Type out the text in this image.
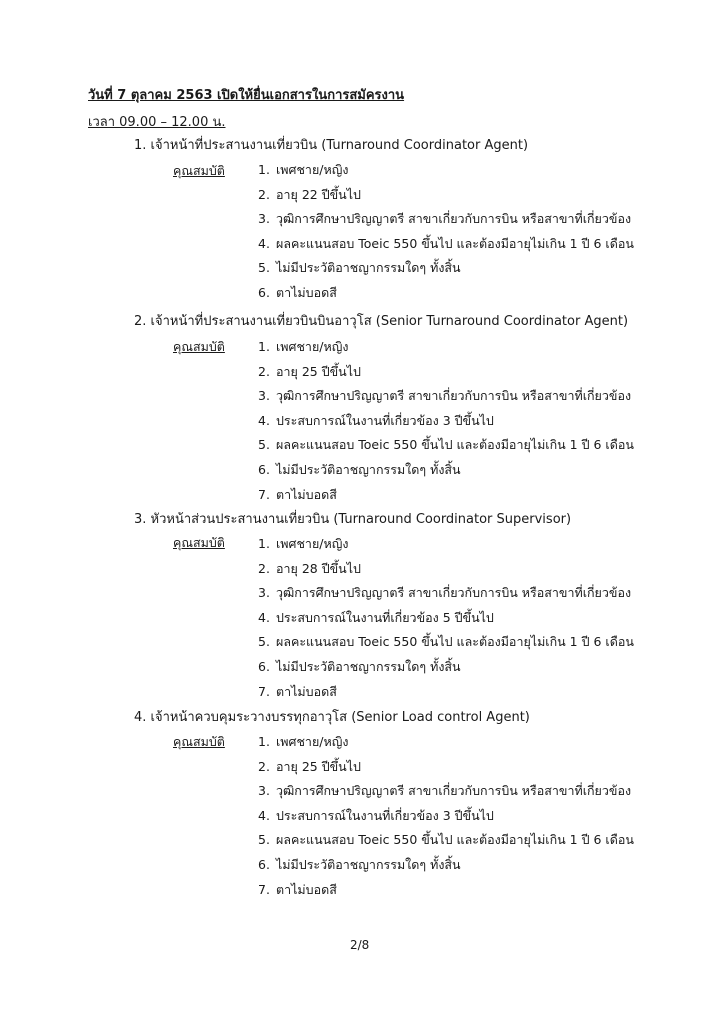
วันที่ 7 ตุลาคม 2563 เปิดให้ยื่นเอกสารในการสมัครงาน
เวลา 09.00 – 12.00 น.
1. เจ้าหน้าที่ประสานงานเที่ยวบิน (Turnaround Coordinator Agent)
คุณสมบัติ	1. เพศชาย/หญิง
2. อายุ 22 ปีขึ้นไป
3. วุฒิการศึกษาปริญญาตรี สาขาเกี่ยวกับการบิน หรือสาขาที่เกี่ยวข้อง
4. ผลคะแนนสอบ Toeic 550 ขึ้นไป และต้องมีอายุไม่เกิน 1 ปี 6 เดือน
5. ไม่มีประวัติอาชญากรรมใดๆ ทั้งสิ้น
6. ตาไม่บอดสี
2. เจ้าหน้าที่ประสานงานเที่ยวบินบินอาวุโส (Senior Turnaround Coordinator Agent)
คุณสมบัติ	1. เพศชาย/หญิง
2. อายุ 25 ปีขึ้นไป
3. วุฒิการศึกษาปริญญาตรี สาขาเกี่ยวกับการบิน หรือสาขาที่เกี่ยวข้อง
4. ประสบการณ์ในงานที่เกี่ยวข้อง 3 ปีขึ้นไป
5. ผลคะแนนสอบ Toeic 550 ขึ้นไป และต้องมีอายุไม่เกิน 1 ปี 6 เดือน
6. ไม่มีประวัติอาชญากรรมใดๆ ทั้งสิ้น
7. ตาไม่บอดสี
3. หัวหน้าส่วนประสานงานเที่ยวบิน (Turnaround Coordinator Supervisor)
คุณสมบัติ	1. เพศชาย/หญิง
2. อายุ 28 ปีขึ้นไป
3. วุฒิการศึกษาปริญญาตรี สาขาเกี่ยวกับการบิน หรือสาขาที่เกี่ยวข้อง
4. ประสบการณ์ในงานที่เกี่ยวข้อง 5 ปีขึ้นไป
5. ผลคะแนนสอบ Toeic 550 ขึ้นไป และต้องมีอายุไม่เกิน 1 ปี 6 เดือน
6. ไม่มีประวัติอาชญากรรมใดๆ ทั้งสิ้น
7. ตาไม่บอดสี
4. เจ้าหน้าควบคุมระวางบรรทุกอาวุโส (Senior Load control Agent)
คุณสมบัติ	1. เพศชาย/หญิง
2. อายุ 25 ปีขึ้นไป
3. วุฒิการศึกษาปริญญาตรี สาขาเกี่ยวกับการบิน หรือสาขาที่เกี่ยวข้อง
4. ประสบการณ์ในงานที่เกี่ยวข้อง 3 ปีขึ้นไป
5. ผลคะแนนสอบ Toeic 550 ขึ้นไป และต้องมีอายุไม่เกิน 1 ปี 6 เดือน
6. ไม่มีประวัติอาชญากรรมใดๆ ทั้งสิ้น
7. ตาไม่บอดสี
2/8
